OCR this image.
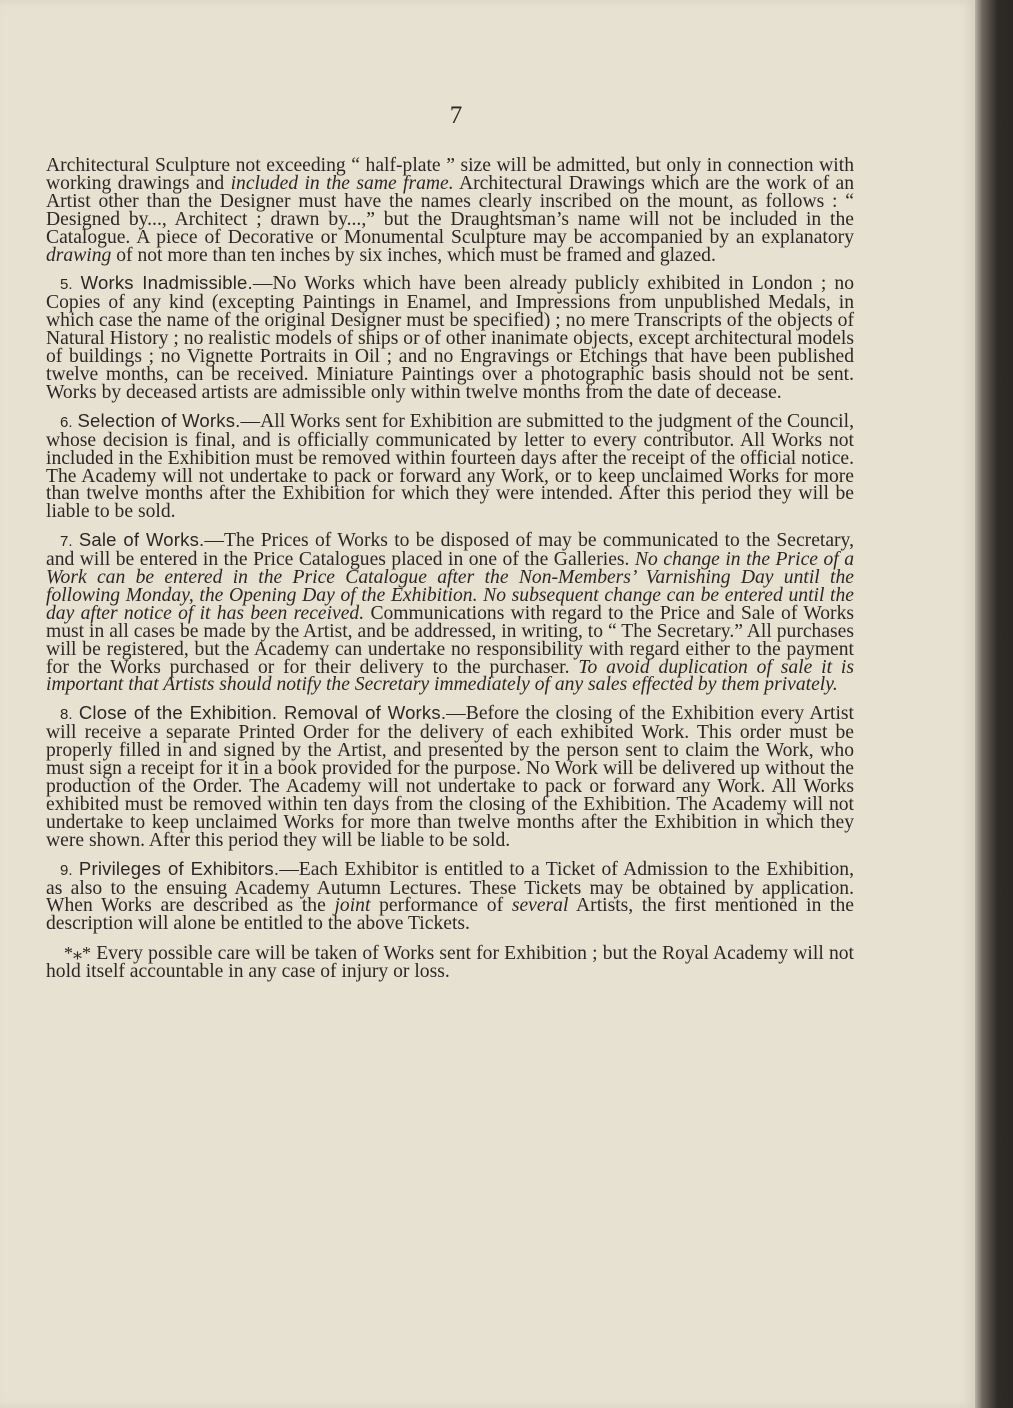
7

Architectural Sculpture not exceeding “ half-plate ” size will be admitted, but only in connection with working drawings and included in the same frame. Architectural Drawings which are the work of an Artist other than the Designer must have the names clearly inscribed on the mount, as follows : “ Designed by..., Architect ; drawn by...,” but the Draughtsman’s name will not be included in the Catalogue. A piece of Decorative or Monumental Sculpture may be accompanied by an explanatory drawing of not more than ten inches by six inches, which must be framed and glazed.

5. Works Inadmissible.—No Works which have been already publicly exhibited in London ; no Copies of any kind (excepting Paintings in Enamel, and Impressions from unpublished Medals, in which case the name of the original Designer must be specified) ; no mere Transcripts of the objects of Natural History ; no realistic models of ships or of other inanimate objects, except architectural models of buildings ; no Vignette Portraits in Oil ; and no Engravings or Etchings that have been published twelve months, can be received. Miniature Paintings over a photographic basis should not be sent. Works by deceased artists are admissible only within twelve months from the date of decease.

6. Selection of Works.—All Works sent for Exhibition are submitted to the judgment of the Council, whose decision is final, and is officially communicated by letter to every contributor. All Works not included in the Exhibition must be removed within fourteen days after the receipt of the official notice. The Academy will not undertake to pack or forward any Work, or to keep unclaimed Works for more than twelve months after the Exhibition for which they were intended. After this period they will be liable to be sold.

7. Sale of Works.—The Prices of Works to be disposed of may be communicated to the Secretary, and will be entered in the Price Catalogues placed in one of the Galleries. No change in the Price of a Work can be entered in the Price Catalogue after the Non-Members’ Varnishing Day until the following Monday, the Opening Day of the Exhibition. No subsequent change can be entered until the day after notice of it has been received. Communications with regard to the Price and Sale of Works must in all cases be made by the Artist, and be addressed, in writing, to “ The Secretary.” All purchases will be registered, but the Academy can undertake no responsibility with regard either to the payment for the Works purchased or for their delivery to the purchaser. To avoid duplication of sale it is important that Artists should notify the Secretary immediately of any sales effected by them privately.

8. Close of the Exhibition. Removal of Works.—Before the closing of the Exhibition every Artist will receive a separate Printed Order for the delivery of each exhibited Work. This order must be properly filled in and signed by the Artist, and presented by the person sent to claim the Work, who must sign a receipt for it in a book provided for the purpose. No Work will be delivered up without the production of the Order. The Academy will not undertake to pack or forward any Work. All Works exhibited must be removed within ten days from the closing of the Exhibition. The Academy will not undertake to keep unclaimed Works for more than twelve months after the Exhibition in which they were shown. After this period they will be liable to be sold.

9. Privileges of Exhibitors.—Each Exhibitor is entitled to a Ticket of Admission to the Exhibition, as also to the ensuing Academy Autumn Lectures. These Tickets may be obtained by application. When Works are described as the joint performance of several Artists, the first mentioned in the description will alone be entitled to the above Tickets.

*⁎* Every possible care will be taken of Works sent for Exhibition ; but the Royal Academy will not hold itself accountable in any case of injury or loss.
